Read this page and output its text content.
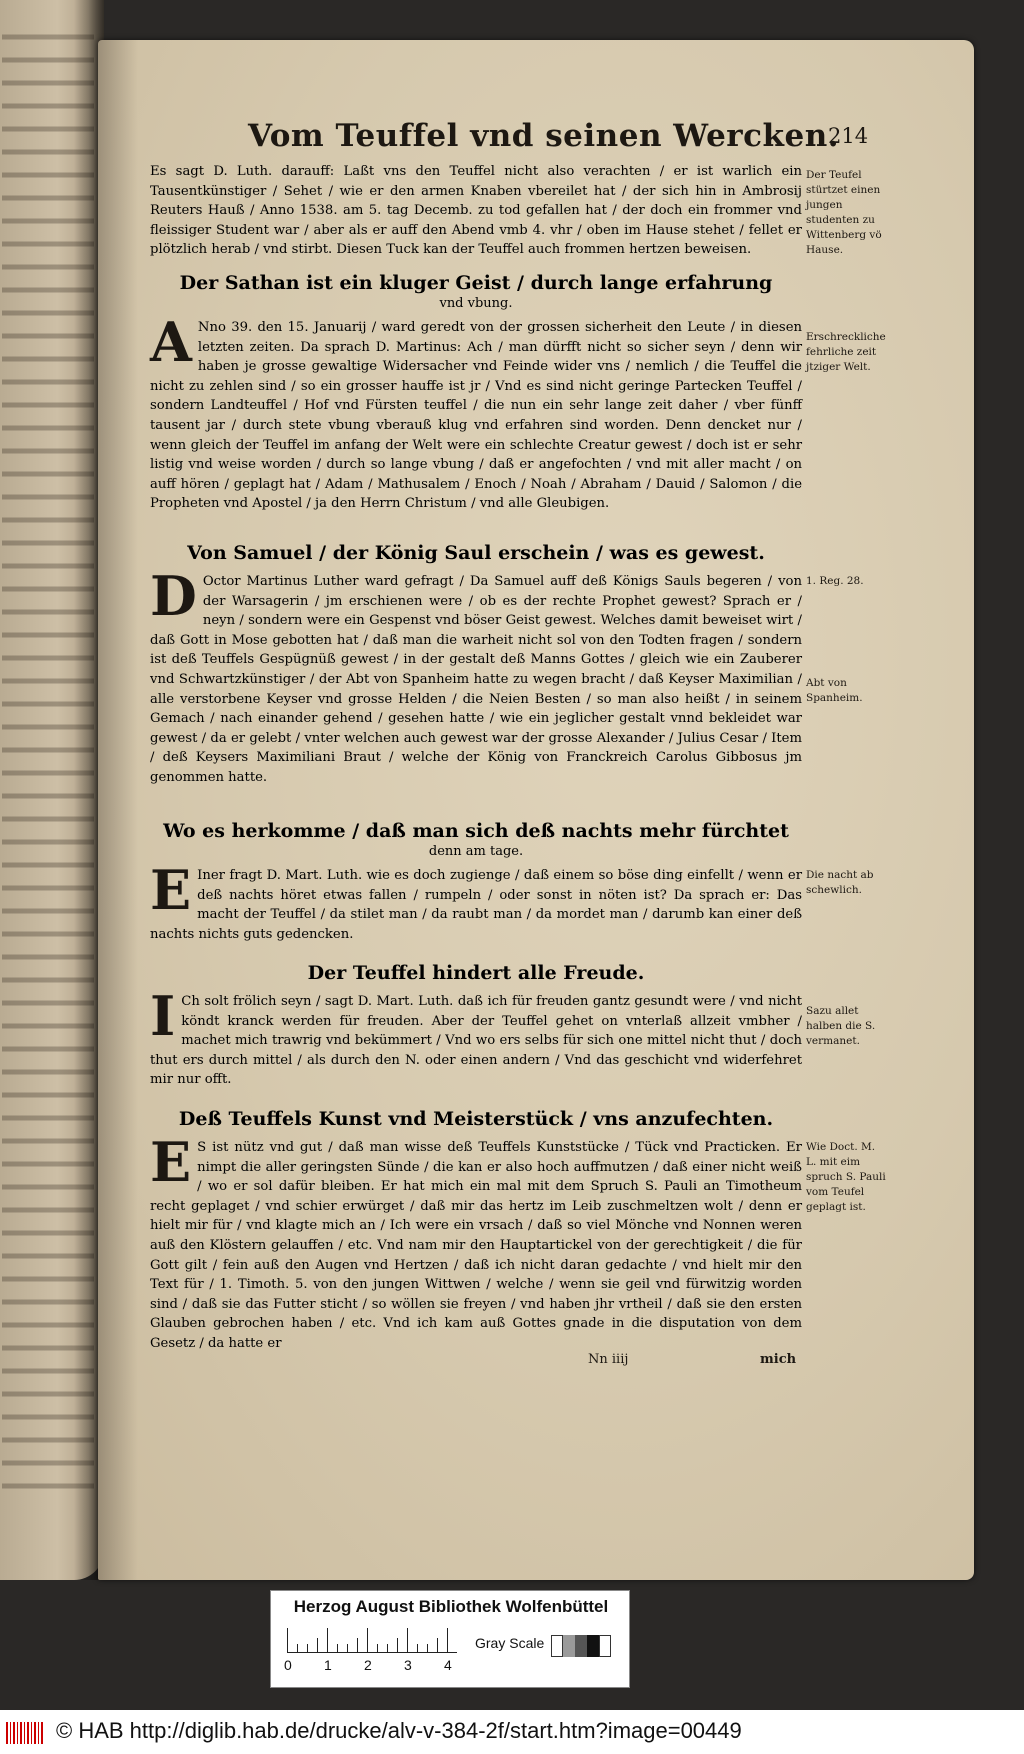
Vom Teuffel vnd seinen Wercken.
214
Es sagt D. Luth. darauff: Laßt vns den Teuffel nicht also verachten / er ist warlich ein Tausentkünstiger / Sehet / wie er den armen Knaben vbereilet hat / der sich hin in Ambrosij Reuters Hauß / Anno 1538. am 5. tag Decemb. zu tod gefallen hat / der doch ein frommer vnd fleissiger Student war / aber als er auff den Abend vmb 4. vhr / oben im Hause stehet / fellet er plötzlich herab / vnd stirbt. Diesen Tuck kan der Teuffel auch frommen hertzen beweisen.
Der Sathan ist ein kluger Geist / durch lange erfahrung
vnd vbung.
A Nno 39. den 15. Januarij / ward geredt von der grossen sicherheit den Leute / in diesen letzten zeiten. Da sprach D. Martinus: Ach / man dürfft nicht so sicher seyn / denn wir haben je grosse gewaltige Widersacher vnd Feinde wider vns / nemlich / die Teuffel die nicht zu zehlen sind / so ein grosser hauffe ist jr / Vnd es sind nicht geringe Partecken Teuffel / sondern Landteuffel / Hof vnd Fürsten teuffel / die nun ein sehr lange zeit daher / vber fünff tausent jar / durch stete vbung vberauß klug vnd erfahren sind worden. Denn dencket nur / wenn gleich der Teuffel im anfang der Welt were ein schlechte Creatur gewest / doch ist er sehr listig vnd weise worden / durch so lange vbung / daß er angefochten / vnd mit aller macht / on auff hören / geplagt hat / Adam / Mathusalem / Enoch / Noah / Abraham / Dauid / Salomon / die Propheten vnd Apostel / ja den Herrn Christum / vnd alle Gleubigen.
Von Samuel / der König Saul erschein / was es gewest.
D Octor Martinus Luther ward gefragt / Da Samuel auff deß Königs Sauls begeren / von der Warsagerin / jm erschienen were / ob es der rechte Prophet gewest? Sprach er / neyn / sondern were ein Gespenst vnd böser Geist gewest. Welches damit beweiset wirt / daß Gott in Mose gebotten hat / daß man die warheit nicht sol von den Todten fragen / sondern ist deß Teuffels Gespügnüß gewest / in der gestalt deß Manns Gottes / gleich wie ein Zauberer vnd Schwartzkünstiger / der Abt von Spanheim hatte zu wegen bracht / daß Keyser Maximilian / alle verstorbene Keyser vnd grosse Helden / die Neien Besten / so man also heißt / in seinem Gemach / nach einander gehend / gesehen hatte / wie ein jeglicher gestalt vnnd bekleidet war gewest / da er gelebt / vnter welchen auch gewest war der grosse Alexander / Julius Cesar / Item / deß Keysers Maximiliani Braut / welche der König von Franckreich Carolus Gibbosus jm genommen hatte.
Wo es herkomme / daß man sich deß nachts mehr fürchtet
denn am tage.
E Iner fragt D. Mart. Luth. wie es doch zugienge / daß einem so böse ding einfellt / wenn er deß nachts höret etwas fallen / rumpeln / oder sonst in nöten ist? Da sprach er: Das macht der Teuffel / da stilet man / da raubt man / da mordet man / darumb kan einer deß nachts nichts guts gedencken.
Der Teuffel hindert alle Freude.
I Ch solt frölich seyn / sagt D. Mart. Luth. daß ich für freuden gantz gesundt were / vnd nicht köndt kranck werden für freuden. Aber der Teuffel gehet on vnterlaß allzeit vmbher / machet mich trawrig vnd bekümmert / Vnd wo ers selbs für sich one mittel nicht thut / doch thut ers durch mittel / als durch den N. oder einen andern / Vnd das geschicht vnd widerfehret mir nur offt.
Deß Teuffels Kunst vnd Meisterstück / vns anzufechten.
E S ist nütz vnd gut / daß man wisse deß Teuffels Kunststücke / Tück vnd Practicken. Er nimpt die aller geringsten Sünde / die kan er also hoch auffmutzen / daß einer nicht weiß / wo er sol dafür bleiben. Er hat mich ein mal mit dem Spruch S. Pauli an Timotheum recht geplaget / vnd schier erwürget / daß mir das hertz im Leib zuschmeltzen wolt / denn er hielt mir für / vnd klagte mich an / Ich were ein vrsach / daß so viel Mönche vnd Nonnen weren auß den Klöstern gelauffen / etc. Vnd nam mir den Hauptartickel von der gerechtigkeit / die für Gott gilt / fein auß den Augen vnd Hertzen / daß ich nicht daran gedachte / vnd hielt mir den Text für / 1. Timoth. 5. von den jungen Wittwen / welche / wenn sie geil vnd fürwitzig worden sind / daß sie das Futter sticht / so wöllen sie freyen / vnd haben jhr vrtheil / daß sie den ersten Glauben gebrochen haben / etc. Vnd ich kam auß Gottes gnade in die disputation von dem Gesetz / da hatte er
Nn iiij	mich
Der Teufel stürtzet einen jungen studenten zu Wittenberg vö Hause.
Erschreckliche fehrliche zeit jtziger Welt.
1. Reg. 28.
Abt von Spanheim.
Die nacht ab schewlich.
Sazu allet halben die S. vermanet.
Wie Doct. M. L. mit eim spruch S. Pauli vom Teufel geplagt ist.
Herzog August Bibliothek Wolfenbüttel
0 1 2 3 4
Gray Scale
© HAB http://diglib.hab.de/drucke/alv-v-384-2f/start.htm?image=00449
